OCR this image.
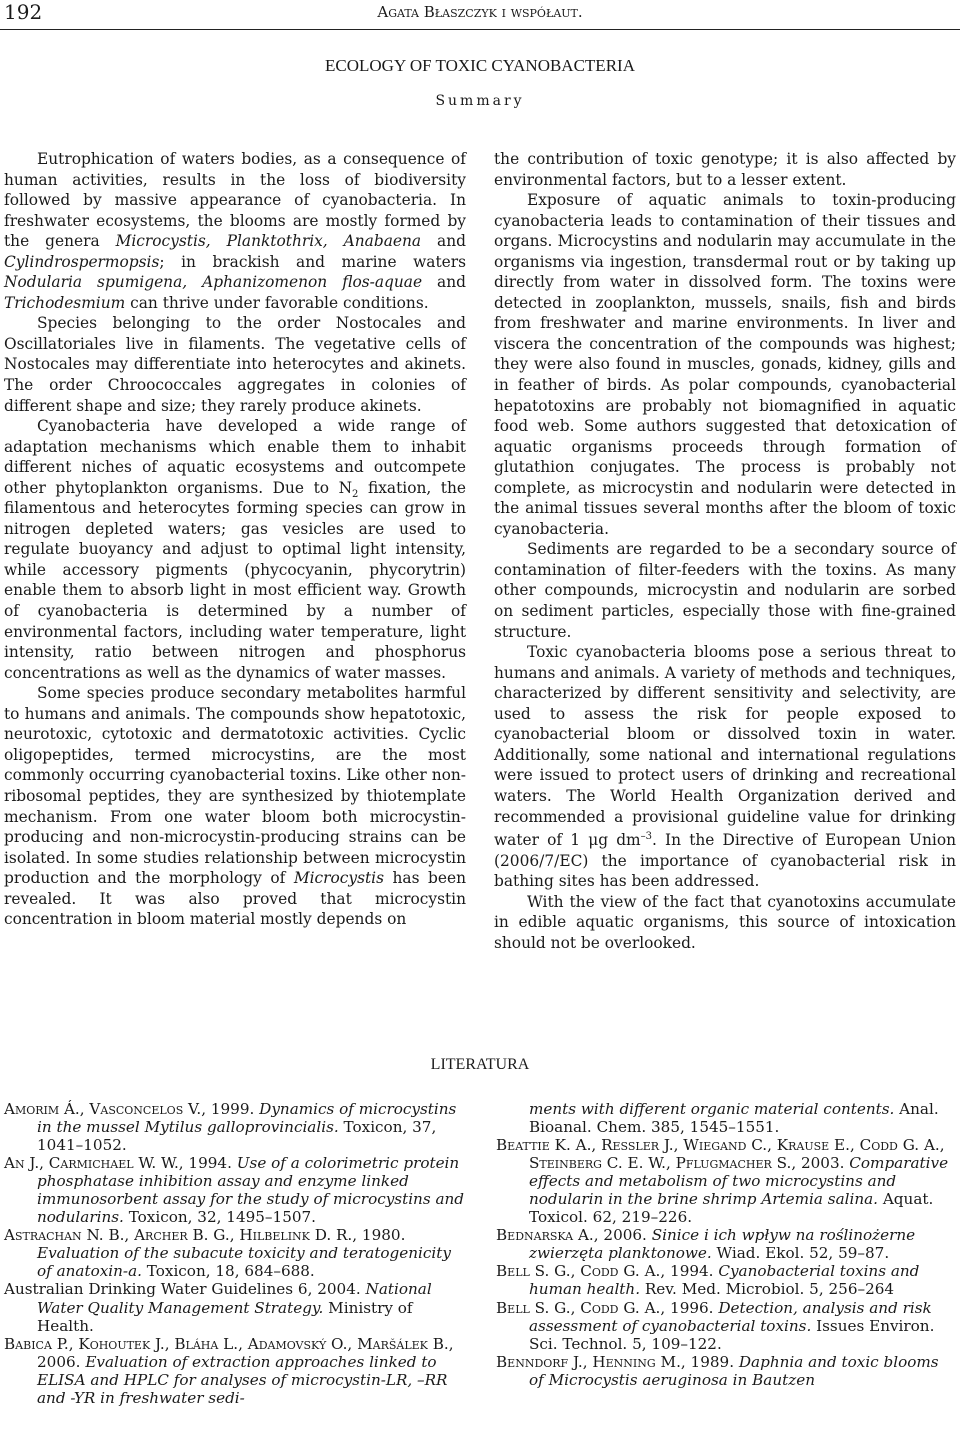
192	Agata Błaszczyk i współaut.
ECOLOGY OF TOXIC CYANOBACTERIA
Summary

Eutrophication of waters bodies, as a consequence of human activities, results in the loss of biodiversity followed by massive appearance of cyanobacteria. In freshwater ecosystems, the blooms are mostly formed by the genera Microcystis, Planktothrix, Anabaena and Cylindrospermopsis; in brackish and marine waters Nodularia spumigena, Aphanizomenon flos-aquae and Trichodesmium can thrive under favorable conditions.

Species belonging to the order Nostocales and Oscillatoriales live in filaments. The vegetative cells of Nostocales may differentiate into heterocytes and akinets. The order Chroococcales aggregates in colonies of different shape and size; they rarely produce akinets.

Cyanobacteria have developed a wide range of adaptation mechanisms which enable them to inhabit different niches of aquatic ecosystems and outcompete other phytoplankton organisms. Due to $N_2$ fixation, the filamentous and heterocytes forming species can grow in nitrogen depleted waters; gas vesicles are used to regulate buoyancy and adjust to optimal light intensity, while accessory pigments (phycocyanin, phycorytrin) enable them to absorb light in most efficient way. Growth of cyanobacteria is determined by a number of environmental factors, including water temperature, light intensity, ratio between nitrogen and phosphorus concentrations as well as the dynamics of water masses.

Some species produce secondary metabolites harmful to humans and animals. The compounds show hepatotoxic, neurotoxic, cytotoxic and dermatotoxic activities. Cyclic oligopeptides, termed microcystins, are the most commonly occurring cyanobacterial toxins. Like other non-ribosomal peptides, they are synthesized by thiotemplate mechanism. From one water bloom both microcystin-producing and non-microcystin-producing strains can be isolated. In some studies relationship between microcystin production and the morphology of Microcystis has been revealed. It was also proved that microcystin concentration in bloom material mostly depends on

the contribution of toxic genotype; it is also affected by environmental factors, but to a lesser extent.

Exposure of aquatic animals to toxin-producing cyanobacteria leads to contamination of their tissues and organs. Microcystins and nodularin may accumulate in the organisms via ingestion, transdermal rout or by taking up directly from water in dissolved form. The toxins were detected in zooplankton, mussels, snails, fish and birds from freshwater and marine environments. In liver and viscera the concentration of the compounds was highest; they were also found in muscles, gonads, kidney, gills and in feather of birds. As polar compounds, cyanobacterial hepatotoxins are probably not biomagnified in aquatic food web. Some authors suggested that detoxication of aquatic organisms proceeds through formation of glutathion conjugates. The process is probably not complete, as microcystin and nodularin were detected in the animal tissues several months after the bloom of toxic cyanobacteria.

Sediments are regarded to be a secondary source of contamination of filter-feeders with the toxins. As many other compounds, microcystin and nodularin are sorbed on sediment particles, especially those with fine-grained structure.

Toxic cyanobacteria blooms pose a serious threat to humans and animals. A variety of methods and techniques, characterized by different sensitivity and selectivity, are used to assess the risk for people exposed to cyanobacterial bloom or dissolved toxin in water. Additionally, some national and international regulations were issued to protect users of drinking and recreational waters. The World Health Organization derived and recommended a provisional guideline value for drinking water of 1 μg $dm^{-3}$. In the Directive of European Union (2006/7/EC) the importance of cyanobacterial risk in bathing sites has been addressed.

With the view of the fact that cyanotoxins accumulate in edible aquatic organisms, this source of intoxication should not be overlooked.

LITERATURA

Amorim Á., Vasconcelos V., 1999. Dynamics of microcystins in the mussel Mytilus galloprovincialis. Toxicon, 37, 1041–1052.

An J., Carmichael W. W., 1994. Use of a colorimetric protein phosphatase inhibition assay and enzyme linked immunosorbent assay for the study of microcystins and nodularins. Toxicon, 32, 1495–1507.

Astrachan N. B., Archer B. G., Hilbelink D. R., 1980. Evaluation of the subacute toxicity and teratogenicity of anatoxin-a. Toxicon, 18, 684–688.

Australian Drinking Water Guidelines 6, 2004. National Water Quality Management Strategy. Ministry of Health.

Babica P., Kohoutek J., Bláha L., Adamovský O., Maršálek B., 2006. Evaluation of extraction approaches linked to ELISA and HPLC for analyses of microcystin-LR, –RR and -YR in freshwater sedi-

ments with different organic material contents. Anal. Bioanal. Chem. 385, 1545–1551.

Beattie K. A., Ressler J., Wiegand C., Krause E., Codd G. A., Steinberg C. E. W., Pflugmacher S., 2003. Comparative effects and metabolism of two microcystins and nodularin in the brine shrimp Artemia salina. Aquat. Toxicol. 62, 219–226.

Bednarska A., 2006. Sinice i ich wpływ na roślinożerne zwierzęta planktonowe. Wiad. Ekol. 52, 59–87.

Bell S. G., Codd G. A., 1994. Cyanobacterial toxins and human health. Rev. Med. Microbiol. 5, 256–264

Bell S. G., Codd G. A., 1996. Detection, analysis and risk assessment of cyanobacterial toxins. Issues Environ. Sci. Technol. 5, 109–122.

Benndorf J., Henning M., 1989. Daphnia and toxic blooms of Microcystis aeruginosa in Bautzen
